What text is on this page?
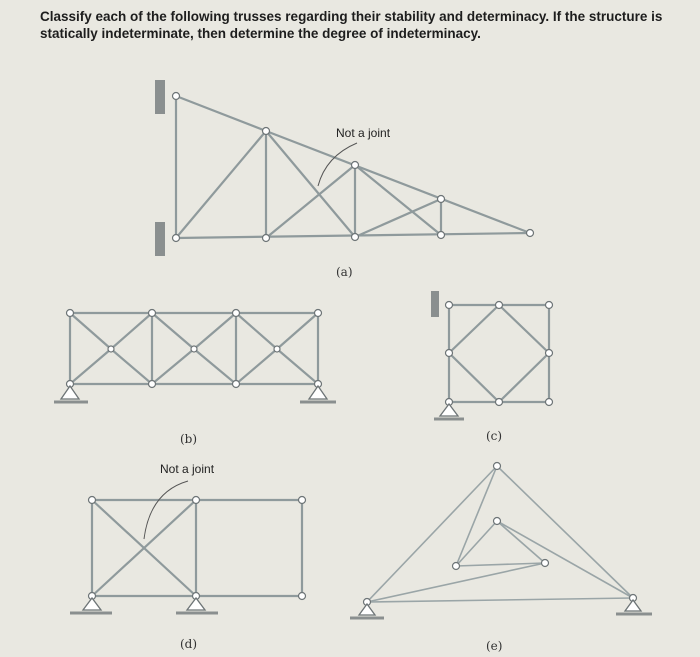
Classify each of the following trusses regarding their stability and determinacy. If the structure is statically indeterminate, then determine the degree of indeterminacy.

Not a joint
(a)
(b)	(c)
Not a joint
(d)	(e)
